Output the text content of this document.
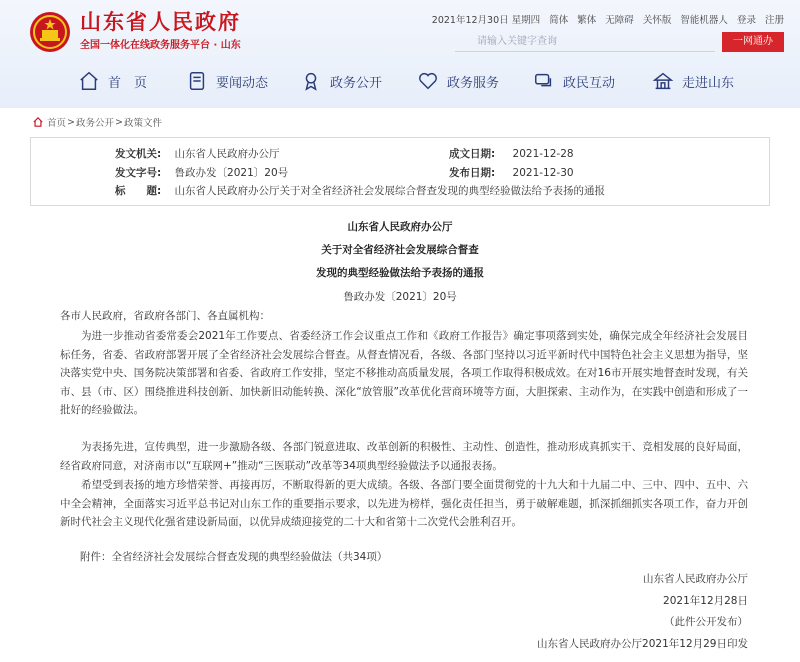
山东省人民政府
全国一体化在线政务服务平台 · 山东
2021年12月30日 星期四 简体 繁体 无障碍 关怀版 智能机器人 登录 注册
请输入关键字查询
一网通办
首　页	要闻动态	政务公开	政务服务	政民互动	走进山东
首页 > 政务公开 > 政策文件
发文机关: 山东省人民政府办公厅	成文日期: 2021-12-28
发文字号: 鲁政办发〔2021〕20号	发布日期: 2021-12-30
标　　题: 山东省人民政府办公厅关于对全省经济社会发展综合督查发现的典型经验做法给予表扬的通报
山东省人民政府办公厅
关于对全省经济社会发展综合督查
发现的典型经验做法给予表扬的通报
鲁政办发〔2021〕20号
各市人民政府，省政府各部门、各直属机构：
为进一步推动省委常委会2021年工作要点、省委经济工作会议重点工作和《政府工作报告》确定事项落到实处，确保完成全年经济社会发展目标任务，省委、省政府部署开展了全省经济社会发展综合督查。从督查情况看，各级、各部门坚持以习近平新时代中国特色社会主义思想为指导，坚决落实党中央、国务院决策部署和省委、省政府工作安排，坚定不移推动高质量发展，各项工作取得积极成效。在对16市开展实地督查时发现，有关市、县（市、区）围绕推进科技创新、加快新旧动能转换、深化“放管服”改革优化营商环境等方面，大胆探索、主动作为，在实践中创造和形成了一批好的经验做法。
为表扬先进，宣传典型，进一步激励各级、各部门锐意进取、改革创新的积极性、主动性、创造性，推动形成真抓实干、竞相发展的良好局面，经省政府同意，对济南市以“互联网+”推动“三医联动”改革等34项典型经验做法予以通报表扬。
希望受到表扬的地方珍惜荣誉、再接再厉，不断取得新的更大成绩。各级、各部门要全面贯彻党的十九大和十九届二中、三中、四中、五中、六中全会精神，全面落实习近平总书记对山东工作的重要指示要求，以先进为榜样，强化责任担当，勇于破解难题，抓深抓细抓实各项工作，奋力开创新时代社会主义现代化强省建设新局面，以优异成绩迎接党的二十大和省第十二次党代会胜利召开。
附件：全省经济社会发展综合督查发现的典型经验做法（共34项）
山东省人民政府办公厅
2021年12月28日
（此件公开发布）
山东省人民政府办公厅2021年12月29日印发
